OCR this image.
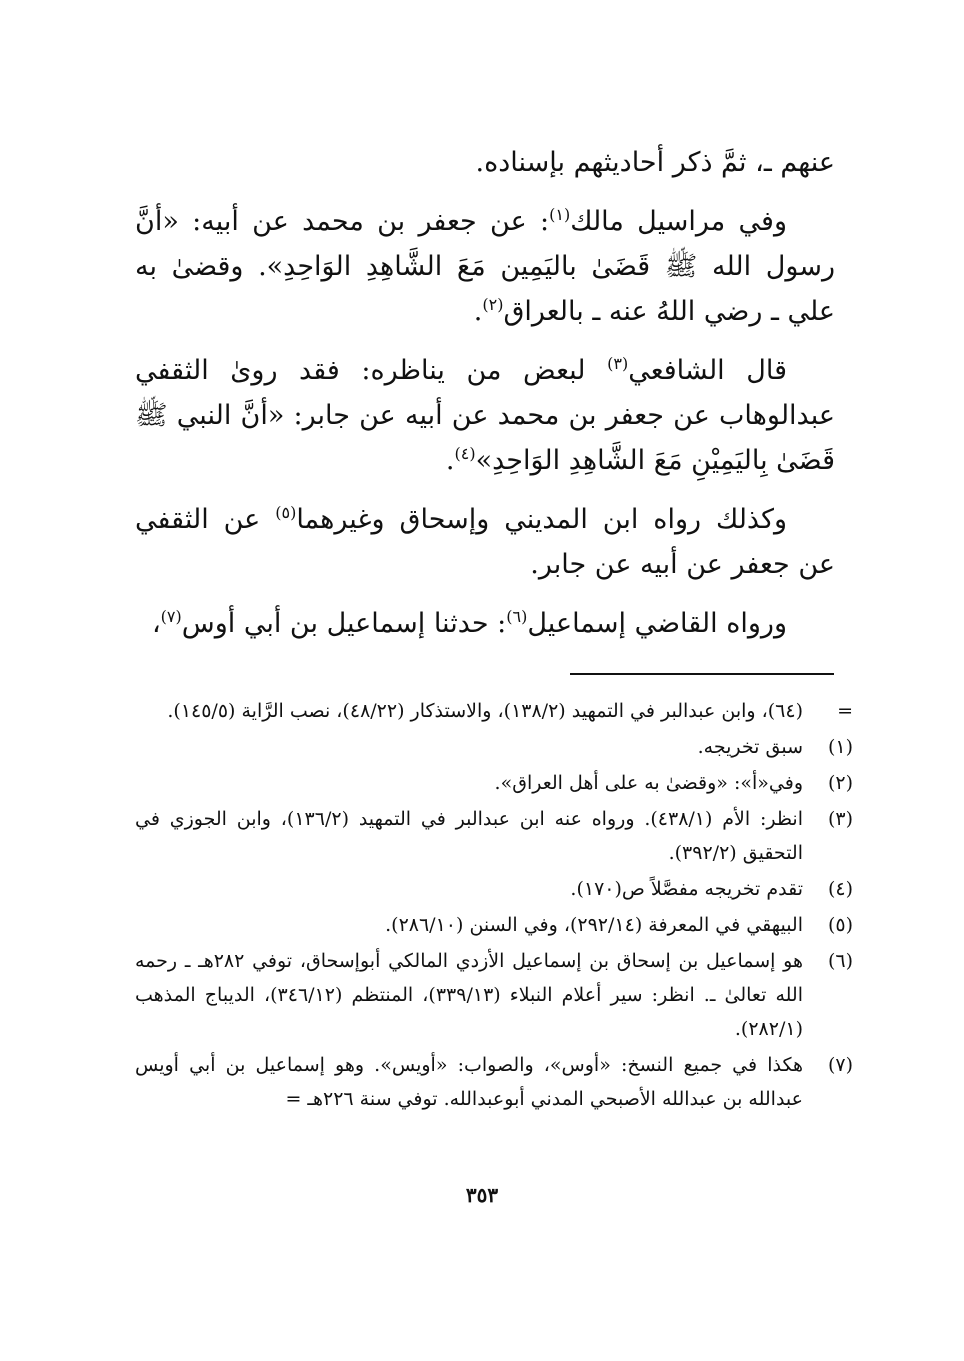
عنهم ـ، ثمَّ ذكر أحاديثهم بإسناده.

وفي مراسيل مالك$^{(١)}$: عن جعفر بن محمد عن أبيه: «أنَّ رسول الله ﷺ قَضَىٰ باليَمِين مَعَ الشَّاهِدِ الوَاحِدِ». وقضىٰ به علي ـ رضي اللهُ عنه ـ بالعراق$^{(٢)}$.

قال الشافعي$^{(٣)}$ لبعض من يناظره: فقد روىٰ الثقفي عبدالوهاب عن جعفر بن محمد عن أبيه عن جابر: «أنَّ النبي ﷺ قَضَىٰ بِاليَمِيْنِ مَعَ الشَّاهِدِ الوَاحِدِ»$^{(٤)}$.

وكذلك رواه ابن المديني وإسحاق وغيرهما$^{(٥)}$ عن الثقفي عن جعفر عن أبيه عن جابر.

ورواه القاضي إسماعيل$^{(٦)}$: حدثنا إسماعيل بن أبي أوس$^{(٧)}$،

=
(٦٤)، وابن عبدالبر في التمهيد (١٣٨/٢)، والاستذكار (٤٨/٢٢)، نصب الرَّاية (١٤٥/٥).
(١)
سبق تخريجه.
(٢)
وفي«أ»: «وقضىٰ به على أهل العراق».
(٣)
انظر: الأم (٤٣٨/١). ورواه عنه ابن عبدالبر في التمهيد (١٣٦/٢)، وابن الجوزي في التحقيق (٣٩٢/٢).
(٤)
تقدم تخريجه مفصَّلاً ص(١٧٠).
(٥)
البيهقي في المعرفة (٢٩٢/١٤)، وفي السنن (٢٨٦/١٠).
(٦)
هو إسماعيل بن إسحاق بن إسماعيل الأزدي المالكي أبوإسحاق، توفي ٢٨٢هـ ـ رحمه الله تعالىٰ ـ. انظر: سير أعلام النبلاء (٣٣٩/١٣)، المنتظم (٣٤٦/١٢)، الديباج المذهب (٢٨٢/١).
(٧)
هكذا في جميع النسخ: «أوس»، والصواب: «أويس». وهو إسماعيل بن أبي أويس عبدالله بن عبدالله الأصبحي المدني أبوعبدالله. توفي سنة ٢٢٦هـ =
٣٥٣
